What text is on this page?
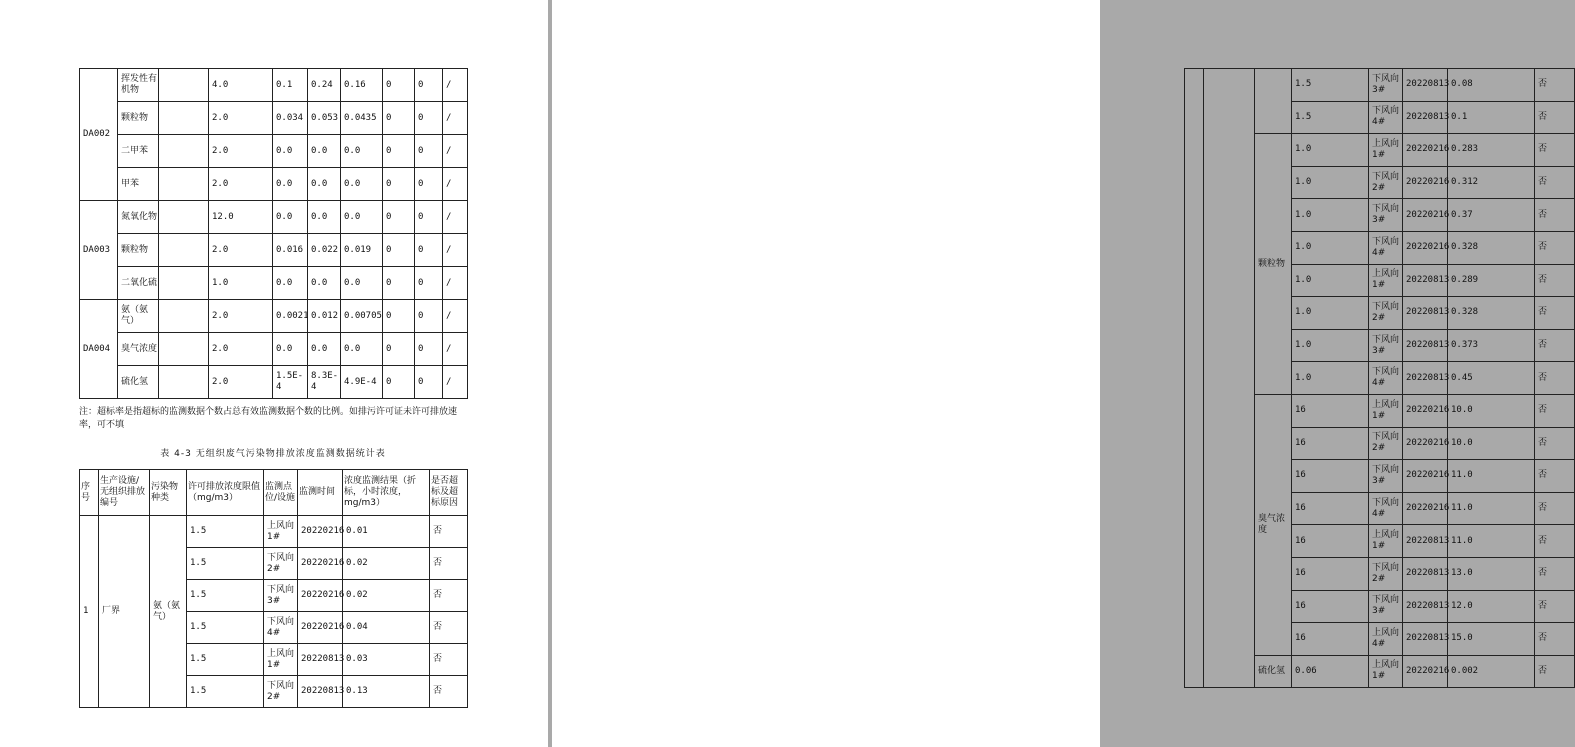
DA002	挥发性有机物		4.0	0.1	0.24	0.16	0	0	/
	颗粒物		2.0	0.034	0.053	0.0435	0	0	/
	二甲苯		2.0	0.0	0.0	0.0	0	0	/
	甲苯		2.0	0.0	0.0	0.0	0	0	/
DA003	氮氧化物		12.0	0.0	0.0	0.0	0	0	/
	颗粒物		2.0	0.016	0.022	0.019	0	0	/
	二氧化硫		1.0	0.0	0.0	0.0	0	0	/
DA004	氨（氨气）		2.0	0.0021	0.012	0.00705	0	0	/
	臭气浓度		2.0	0.0	0.0	0.0	0	0	/
	硫化氢		2.0	1.5E-4	8.3E-4	4.9E-4	0	0	/
注：超标率是指超标的监测数据个数占总有效监测数据个数的比例。如排污许可证未许可排放速率，可不填
表 4-3 无组织废气污染物排放浓度监测数据统计表
序号	生产设施/无组织排放编号	污染物种类	许可排放浓度限值（mg/m3）	监测点位/设施	监测时间	浓度监测结果（折标，小时浓度，mg/m3）	是否超标及超标原因
1	厂界	氨（氨气）	1.5	上风向1#	20220216	0.01	否
			1.5	下风向2#	20220216	0.02	否
			1.5	下风向3#	20220216	0.02	否
			1.5	下风向4#	20220216	0.04	否
			1.5	上风向1#	20220813	0.03	否
			1.5	下风向2#	20220813	0.13	否
			1.5	下风向3#	20220813	0.08	否
			1.5	下风向4#	20220813	0.1	否
		颗粒物	1.0	上风向1#	20220216	0.283	否
			1.0	下风向2#	20220216	0.312	否
			1.0	下风向3#	20220216	0.37	否
			1.0	下风向4#	20220216	0.328	否
			1.0	上风向1#	20220813	0.289	否
			1.0	下风向2#	20220813	0.328	否
			1.0	下风向3#	20220813	0.373	否
			1.0	下风向4#	20220813	0.45	否
		臭气浓度	16	上风向1#	20220216	10.0	否
			16	下风向2#	20220216	10.0	否
			16	下风向3#	20220216	11.0	否
			16	下风向4#	20220216	11.0	否
			16	上风向1#	20220813	11.0	否
			16	下风向2#	20220813	13.0	否
			16	下风向3#	20220813	12.0	否
			16	上风向4#	20220813	15.0	否
		硫化氢	0.06	上风向1#	20220216	0.002	否
